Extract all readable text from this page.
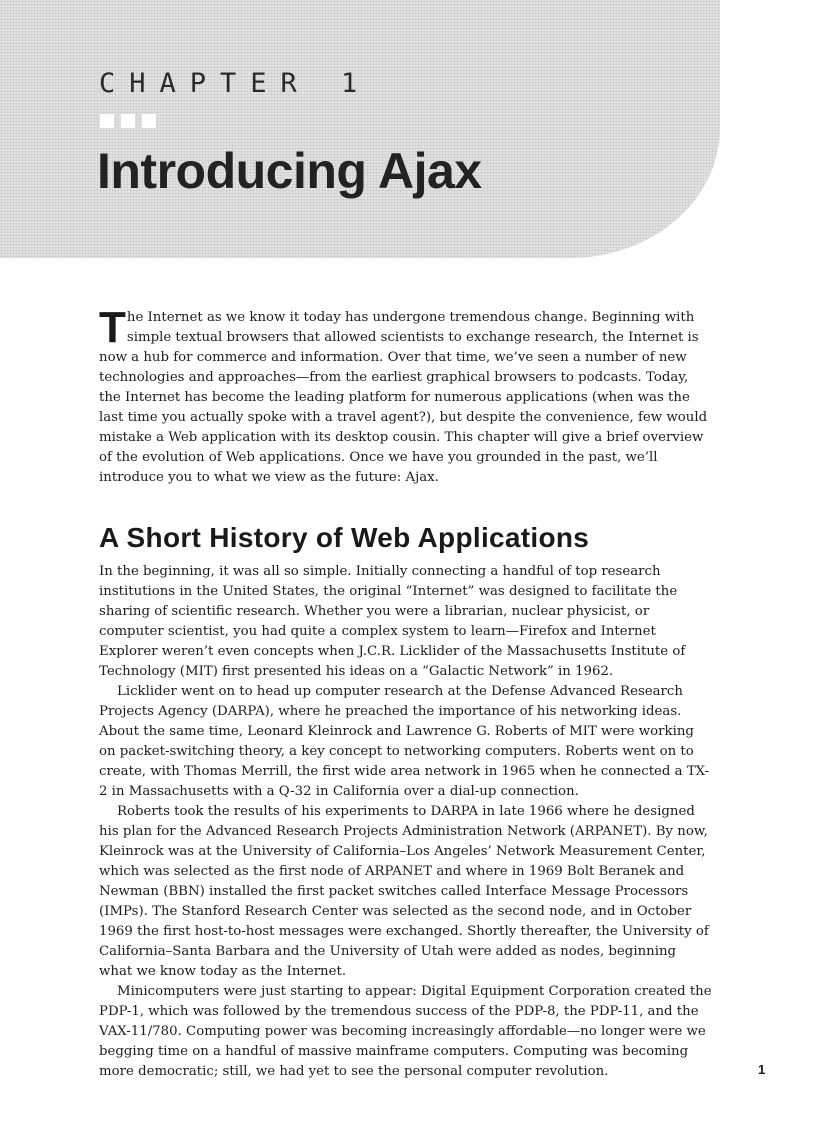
CHAPTER 1

Introducing Ajax

The Internet as we know it today has undergone tremendous change. Beginning with simple textual browsers that allowed scientists to exchange research, the Internet is now a hub for commerce and information. Over that time, we’ve seen a number of new technologies and approaches—from the earliest graphical browsers to podcasts. Today, the Internet has become the leading platform for numerous applications (when was the last time you actually spoke with a travel agent?), but despite the convenience, few would mistake a Web application with its desktop cousin. This chapter will give a brief overview of the evolution of Web applications. Once we have you grounded in the past, we’ll introduce you to what we view as the future: Ajax.

A Short History of Web Applications

In the beginning, it was all so simple. Initially connecting a handful of top research institutions in the United States, the original “Internet” was designed to facilitate the sharing of scientific research. Whether you were a librarian, nuclear physicist, or computer scientist, you had quite a complex system to learn—Firefox and Internet Explorer weren’t even concepts when J.C.R. Licklider of the Massachusetts Institute of Technology (MIT) first presented his ideas on a “Galactic Network” in 1962.

Licklider went on to head up computer research at the Defense Advanced Research Projects Agency (DARPA), where he preached the importance of his networking ideas. About the same time, Leonard Kleinrock and Lawrence G. Roberts of MIT were working on packet-switching theory, a key concept to networking computers. Roberts went on to create, with Thomas Merrill, the first wide area network in 1965 when he connected a TX-2 in Massachusetts with a Q-32 in California over a dial-up connection.

Roberts took the results of his experiments to DARPA in late 1966 where he designed his plan for the Advanced Research Projects Administration Network (ARPANET). By now, Kleinrock was at the University of California–Los Angeles’ Network Measurement Center, which was selected as the first node of ARPANET and where in 1969 Bolt Beranek and Newman (BBN) installed the first packet switches called Interface Message Processors (IMPs). The Stanford Research Center was selected as the second node, and in October 1969 the first host-to-host messages were exchanged. Shortly thereafter, the University of California–Santa Barbara and the University of Utah were added as nodes, beginning what we know today as the Internet.

Minicomputers were just starting to appear: Digital Equipment Corporation created the PDP-1, which was followed by the tremendous success of the PDP-8, the PDP-11, and the VAX-11/780. Computing power was becoming increasingly affordable—no longer were we begging time on a handful of massive mainframe computers. Computing was becoming more democratic; still, we had yet to see the personal computer revolution.	1
